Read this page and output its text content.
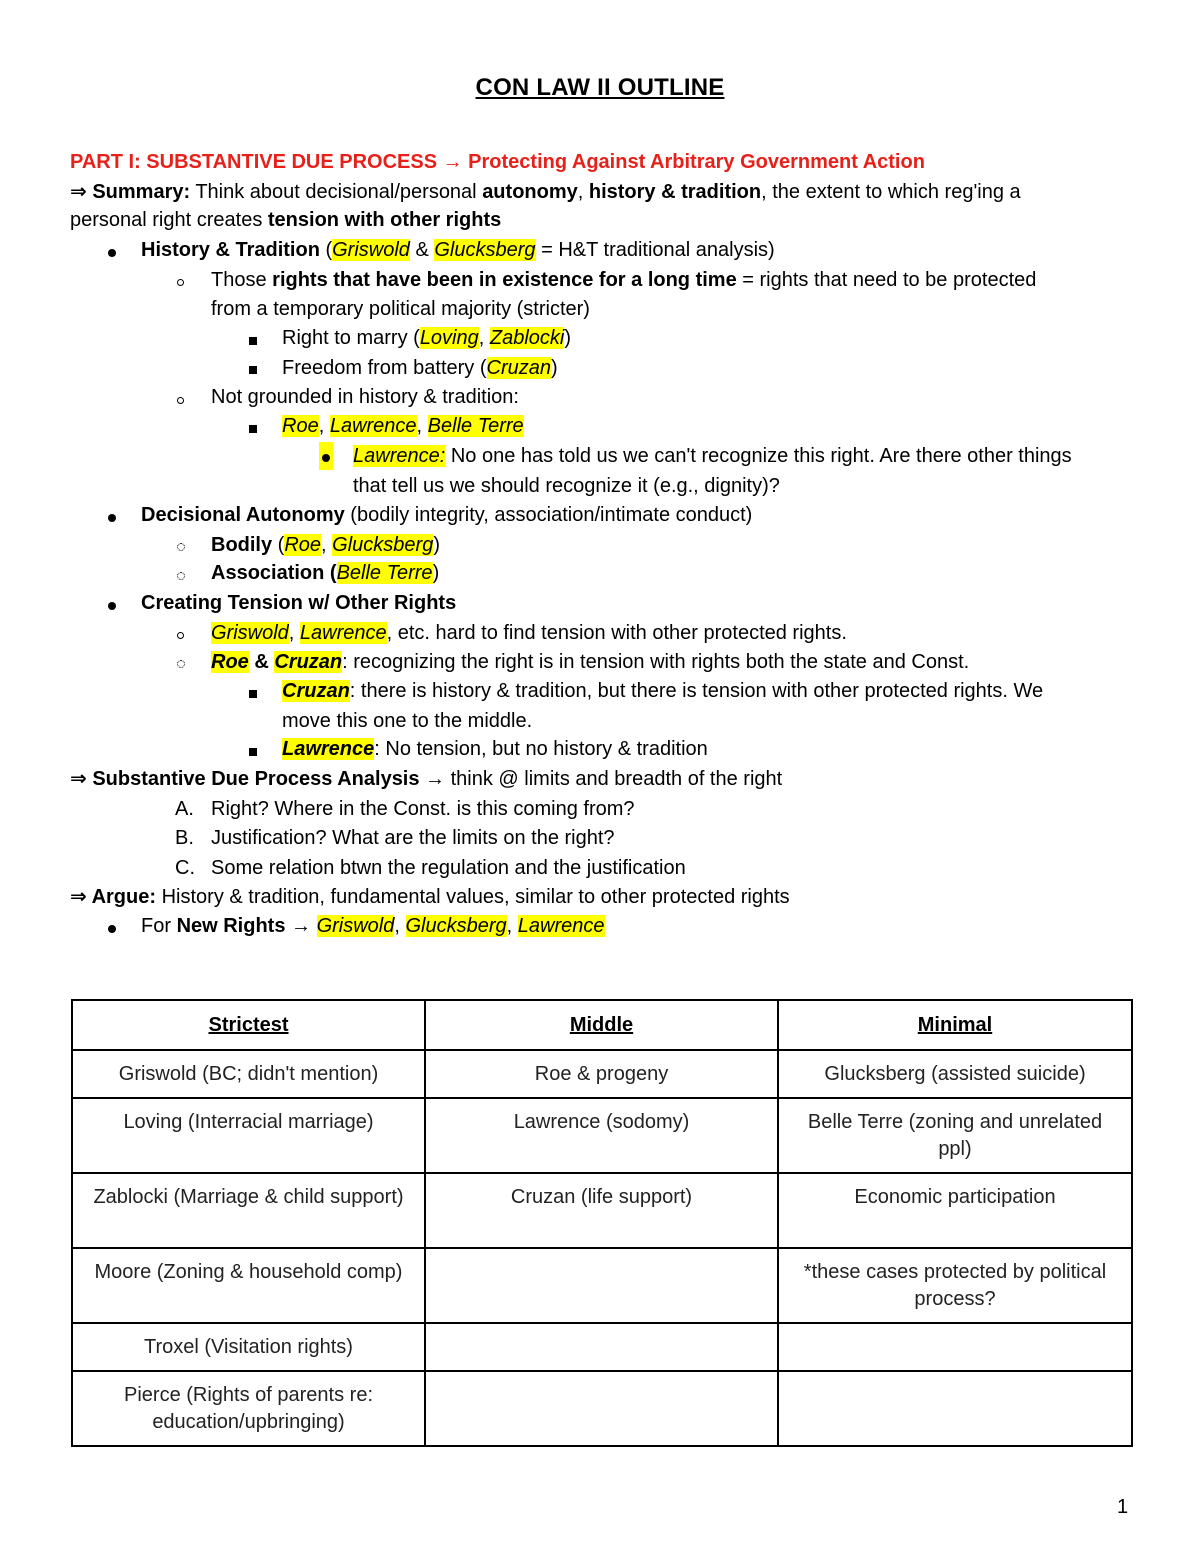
CON LAW II OUTLINE
PART I: SUBSTANTIVE DUE PROCESS → Protecting Against Arbitrary Government Action
⇒ Summary: Think about decisional/personal autonomy, history & tradition, the extent to which reg'ing a
personal right creates tension with other rights
History & Tradition (Griswold & Glucksberg = H&T traditional analysis)
Those rights that have been in existence for a long time = rights that need to be protected
from a temporary political majority (stricter)
Right to marry (Loving, Zablocki)
Freedom from battery (Cruzan)
Not grounded in history & tradition:
Roe, Lawrence, Belle Terre
Lawrence: No one has told us we can't recognize this right. Are there other things
that tell us we should recognize it (e.g., dignity)?
Decisional Autonomy (bodily integrity, association/intimate conduct)
Bodily (Roe, Glucksberg)
Association (Belle Terre)
Creating Tension w/ Other Rights
Griswold, Lawrence, etc. hard to find tension with other protected rights.
Roe & Cruzan: recognizing the right is in tension with rights both the state and Const.
Cruzan: there is history & tradition, but there is tension with other protected rights. We
move this one to the middle.
Lawrence: No tension, but no history & tradition
⇒ Substantive Due Process Analysis → think @ limits and breadth of the right
A. Right? Where in the Const. is this coming from?
B. Justification? What are the limits on the right?
C. Some relation btwn the regulation and the justification
⇒ Argue: History & tradition, fundamental values, similar to other protected rights
For New Rights → Griswold, Glucksberg, Lawrence
Strictest	Middle	Minimal
Griswold (BC; didn't mention)	Roe & progeny	Glucksberg (assisted suicide)
Loving (Interracial marriage)	Lawrence (sodomy)	Belle Terre (zoning and unrelated ppl)
Zablocki (Marriage & child support)	Cruzan (life support)	Economic participation
Moore (Zoning & household comp)		*these cases protected by political process?
Troxel (Visitation rights)		
Pierce (Rights of parents re: education/upbringing)		
1
